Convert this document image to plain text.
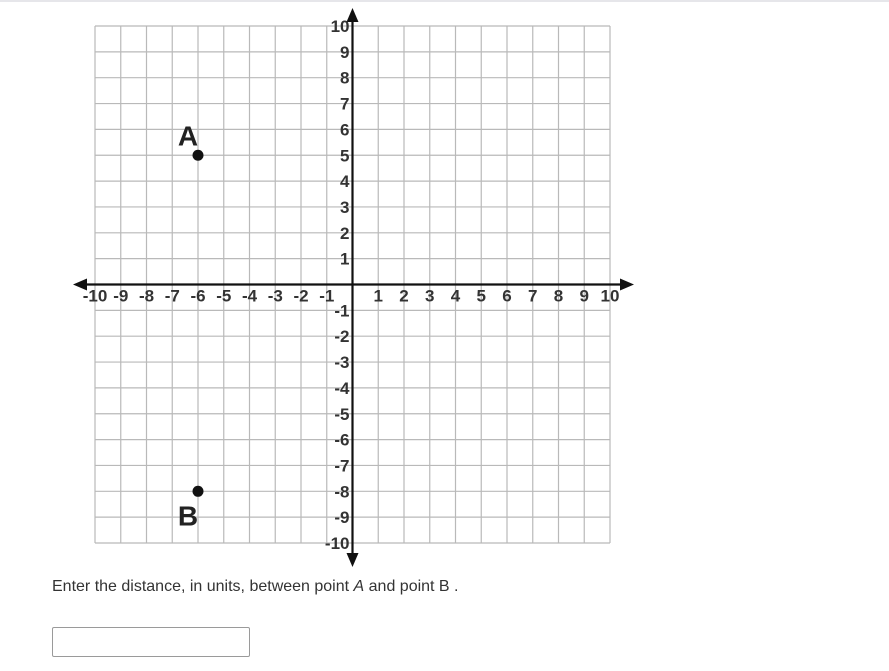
-10 -9 -8 -7 -6 -5 -4 -3 -2 -1 1 2 3 4 5 6 7 8 9 10
10
9
8
7
6
5
4
3
2
1
-1
-2
-3
-4
-5
-6
-7
-8
-9
-10
A
B
Enter the distance, in units, between point A and point B .
